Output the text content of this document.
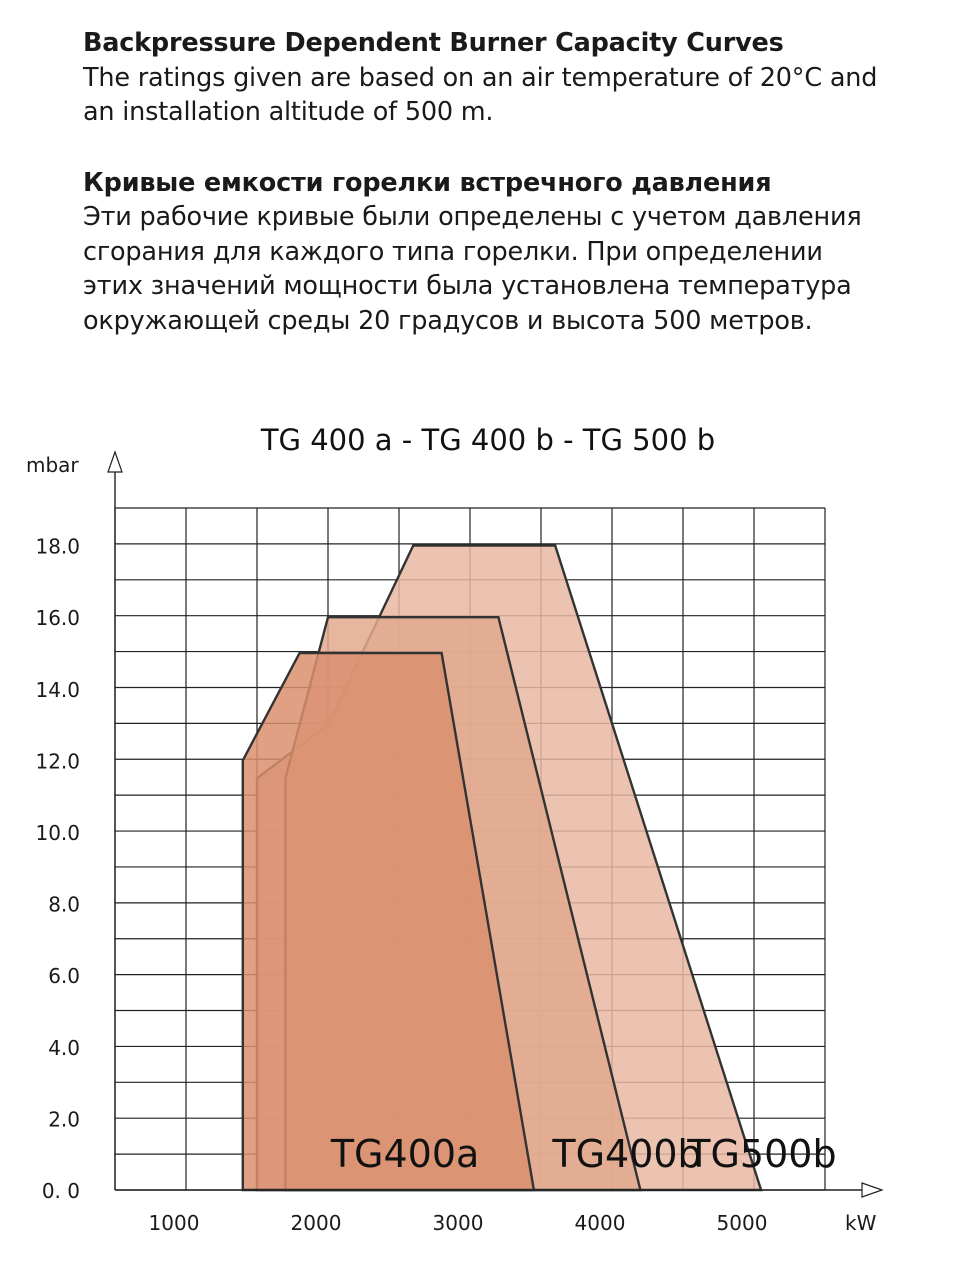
Backpressure Dependent Burner Capacity Curves

The ratings given are based on an air temperature of 20°C and

an installation altitude of 500 m.

Кривые емкости горелки встречного давления

Эти рабочие кривые были определены с учетом давления

сгорания для каждого типа горелки. При определении

этих значений мощности была установлена температура

окружающей среды 20 градусов и высота 500 метров.

TG 400 a - TG 400 b - TG 500 b
0. 0
2.0
4.0
6.0
8.0
10.0
12.0
14.0
16.0
18.0
1000	2000	3000	4000	5000
mbar
kW
TG400a TG400b
TG500b
